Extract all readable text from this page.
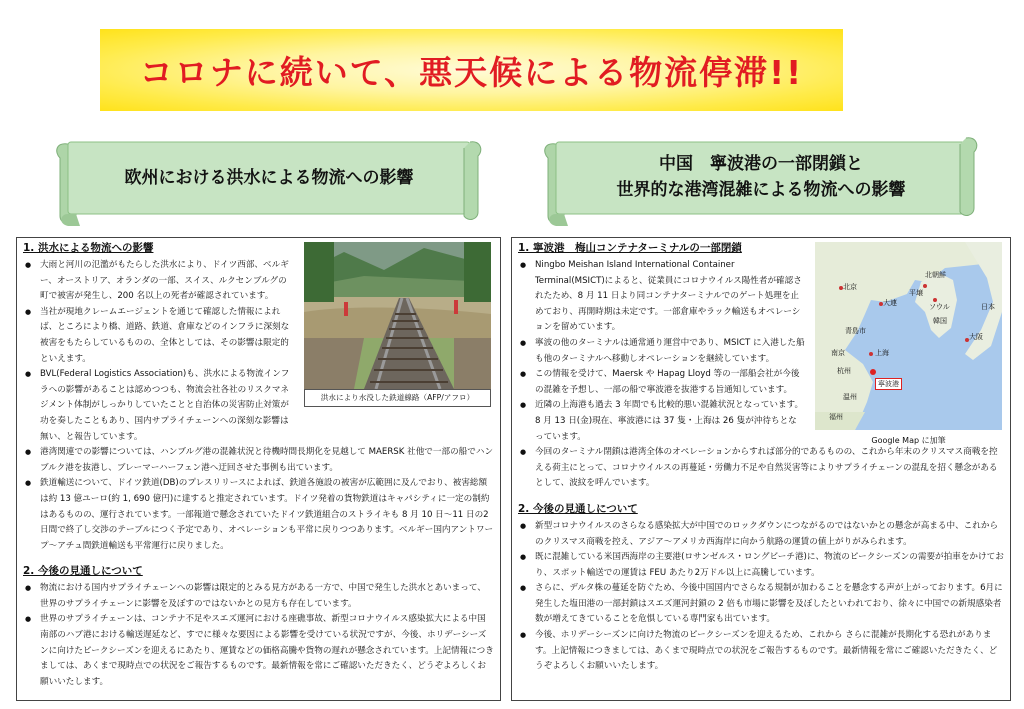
コロナに続いて、悪天候による物流停滞!!
欧州における洪水による物流への影響
中国　寧波港の一部閉鎖と
世界的な港湾混雑による物流への影響
1. 洪水による物流への影響
● 大雨と河川の氾濫がもたらした洪水により、ドイツ西部、ベルギー、オーストリア、オランダの一部、スイス、ルクセンブルグの町で被害が発生し、200 名以上の死者が確認されています。
● 当社が現地クレームエージェントを通じて確認した情報によれば、ところにより橋、道路、鉄道、倉庫などのインフラに深刻な被害をもたらしているものの、全体としては、その影響は限定的といえます。
● BVL(Federal Logistics Association)も、洪水による物流インフラへの影響があることは認めつつも、物流会社各社のリスクマネジメント体制がしっかりしていたことと自治体の災害防止対策が功を奏したこともあり、国内サプライチェーンへの深刻な影響は無い、と報告しています。
● 港湾関連での影響については、ハンブルグ港の混雑状況と待機時間長期化を見越して MAERSK 社他で一部の船でハンブルク港を抜港し、ブレーマーハーフェン港へ迂回させた事例も出ています。
● 鉄道輸送について、ドイツ鉄道(DB)のプレスリリースによれば、鉄道各施設の被害が広範囲に及んでおり、被害総額は約 13 億ユーロ(約 1, 690 億円)に達すると推定されています。ドイツ発着の貨物鉄道はキャパシティに一定の制約はあるものの、運行されています。一部報道で懸念されていたドイツ鉄道組合のストライキも 8 月 10 日～11 日の2日間で終了し交渉のテーブルにつく予定であり、オペレーションも平常に戻りつつあります。ベルギー国内アントワープ～アチュ間鉄道輸送も平常運行に戻りました。
2. 今後の見通しについて
● 物流における国内サプライチェーンへの影響は限定的とみる見方がある一方で、中国で発生した洪水とあいまって、世界のサプライチェーンに影響を及ぼすのではないかとの見方も存在しています。
● 世界のサプライチェーンは、コンテナ不足やスエズ運河における座礁事故、新型コロナウイルス感染拡大による中国南部のハブ港における輸送遅延など、すでに様々な要因による影響を受けている状況ですが、今後、ホリデーシーズンに向けたピークシーズンを迎えるにあたり、運賃などの価格高騰や貨物の遅れが懸念されています。上記情報につきましては、あくまで現時点での状況をご報告するものです。最新情報を常にご確認いただきたく、どうぞよろしくお願いいたします。
洪水により水没した鉄道線路（AFP/アフロ）
1. 寧波港　梅山コンテナターミナルの一部閉鎖
● Ningbo Meishan Island International Container Terminal(MSICT)によると、従業員にコロナウイルス陽性者が確認されたため、8 月 11 日より同コンテナターミナルでのゲート処理を止めており、再開時期は未定です。一部倉庫やラック輸送もオペレーションを留めています。
● 寧波の他のターミナルは通常通り運営中であり、MSICT に入港した船も他のターミナルへ移動しオペレーションを継続しています。
● この情報を受けて、Maersk や Hapag Lloyd 等の一部船会社が今後の混雑を予想し、一部の船で寧波港を抜港する旨通知しています。
● 近隣の上海港も過去 3 年間でも比較的悪い混雑状況となっています。8 月 13 日(金)現在、寧波港には 37 隻・上海は 26 隻が沖待ちとなっています。
● 今回のターミナル閉鎖は港湾全体のオペレーションからすれば部分的であるものの、これから年末のクリスマス商戦を控える荷主にとって、コロナウイルスの再蔓延・労働力不足や自然災害等によりサプライチェーンの混乱を招く懸念があるとして、波紋を呼んでいます。
2. 今後の見通しについて
● 新型コロナウイルスのさらなる感染拡大が中国でのロックダウンにつながるのではないかとの懸念が高まる中、これからのクリスマス商戦を控え、アジア～アメリカ西海岸に向かう航路の運賃の値上がりがみられます。
● 既に混雑している米国西海岸の主要港(ロサンゼルス・ロングビーチ港)に、物流のピークシーズンの需要が拍車をかけており、スポット輸送での運賃は FEU あたり2万ドル以上に高騰しています。
● さらに、デルタ株の蔓延を防ぐため、今後中国国内でさらなる規制が加わることを懸念する声が上がっております。6月に発生した塩田港の一部封鎖はスエズ運河封鎖の 2 倍も市場に影響を及ぼしたといわれており、徐々に中国での新規感染者数が増えてきていることを危惧している専門家も出ています。
● 今後、ホリデーシーズンに向けた物流のピークシーズンを迎えるため、これから さらに混雑が長期化する恐れがあります。上記情報につきましては、あくまで現時点での状況をご報告するものです。最新情報を常にご確認いただきたく、どうぞよろしくお願いいたします。
北京
大連
青島市
南京	上海
杭州
寧波港
温州
福州
北朝鮮
平壌
ソウル
韓国
大阪
日本
Google Map に加筆
